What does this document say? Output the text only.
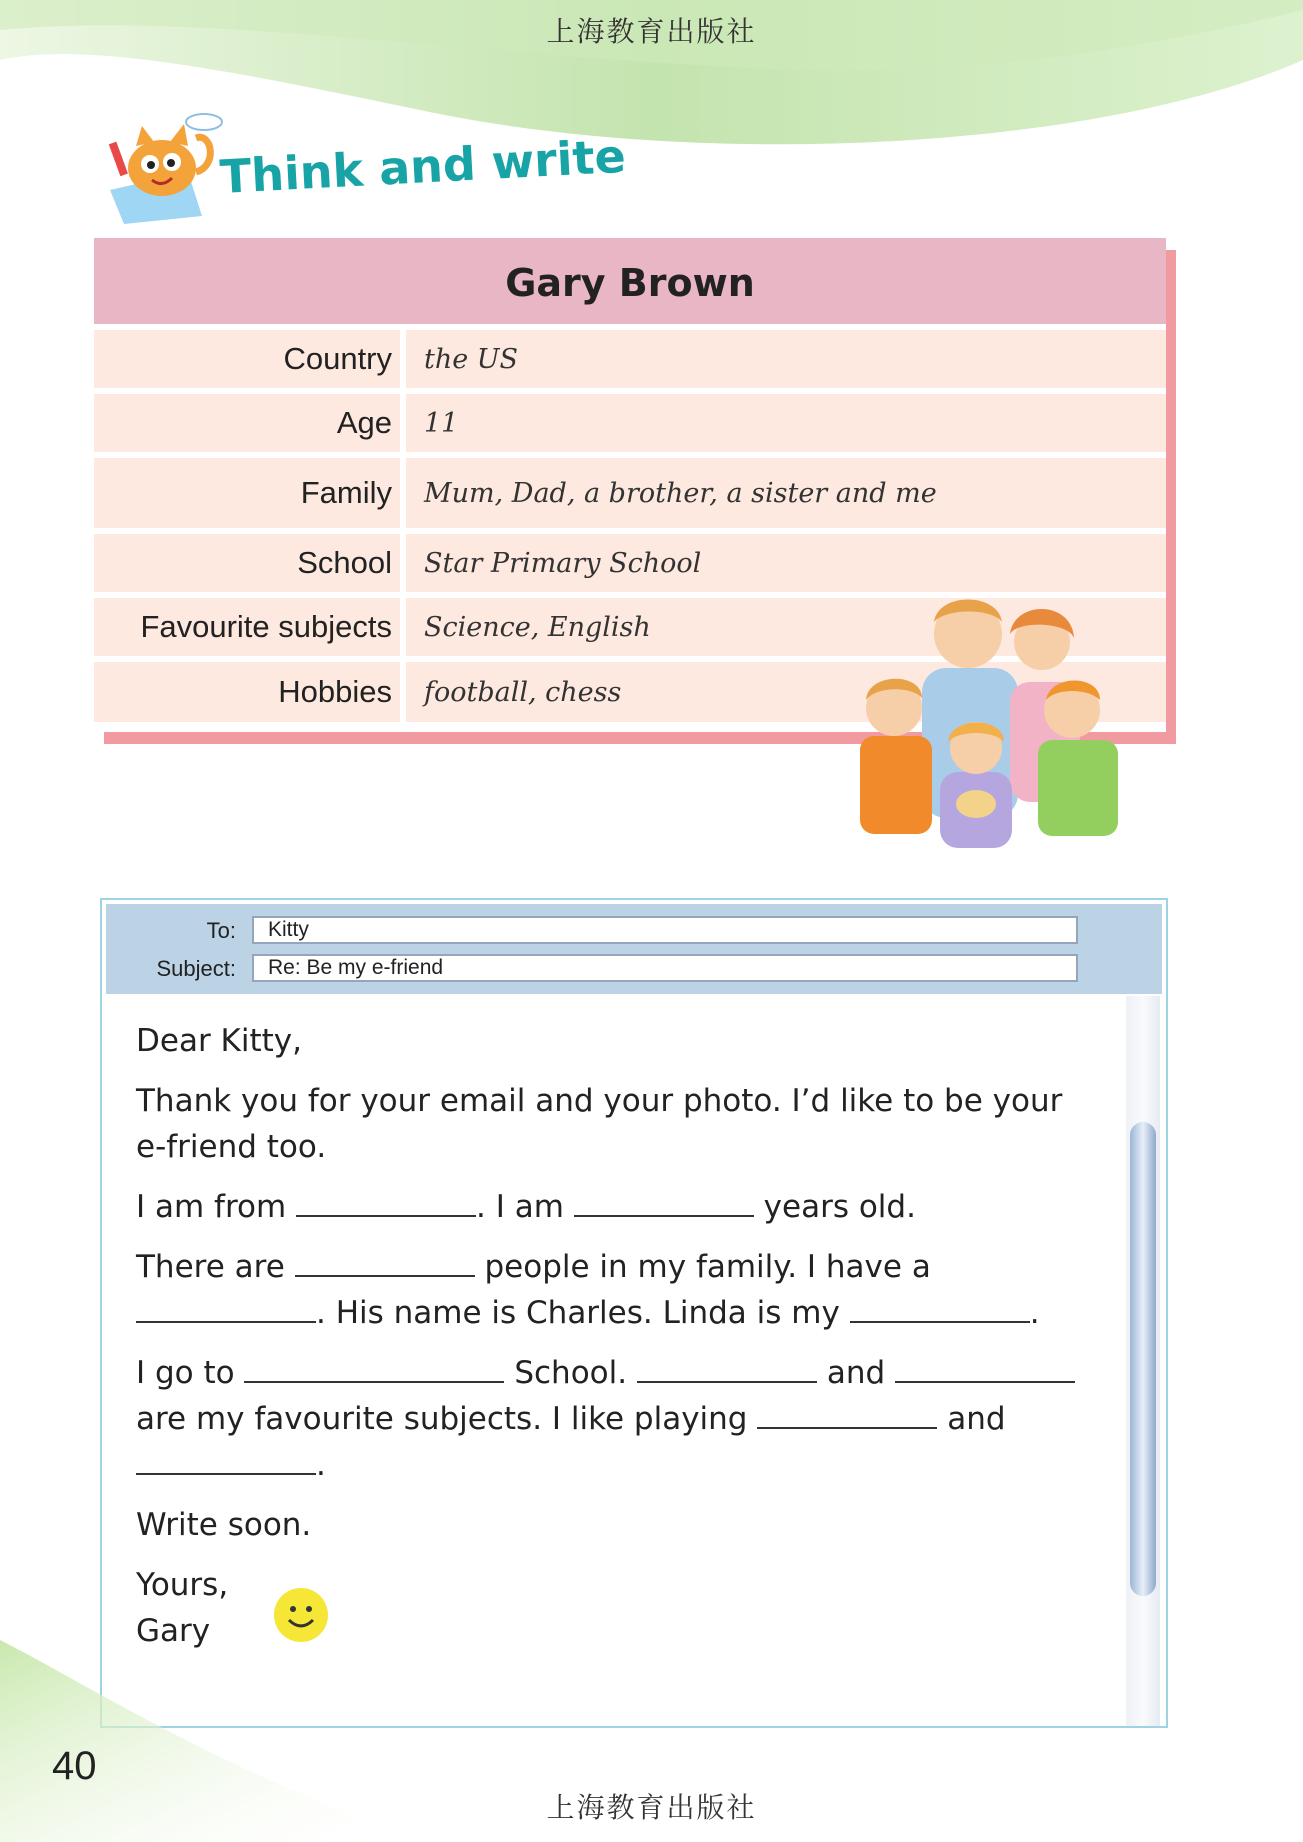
上海教育出版社
Think and write
Gary Brown
Country the US
Age 11
Family Mum, Dad, a brother, a sister and me
School Star Primary School
Favourite subjects Science, English
Hobbies football, chess
To:	Kitty
Subject:	Re: Be my e-friend

Dear Kitty,

Thank you for your email and your photo. I’d like to be your e-friend too.

I am from	. I am	years old.

There are	people in my family. I have a
. His name is Charles. Linda is my	.

I go to	School.	and
are my favourite subjects. I like playing	and
.

Write soon.

Yours,
Gary
40
上海教育出版社
